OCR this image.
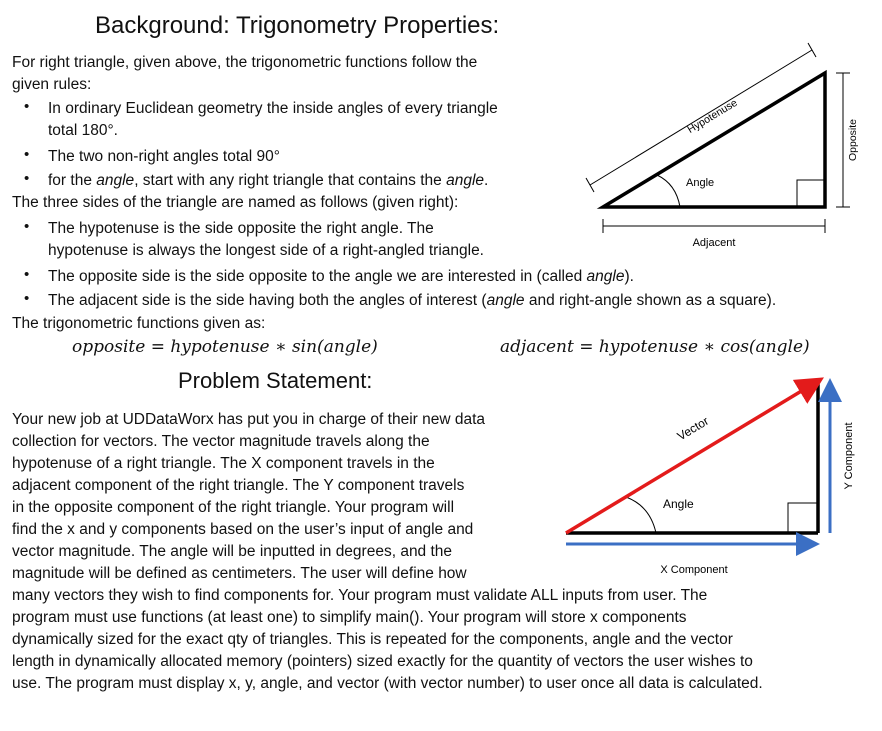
Background: Trigonometry Properties:
For right triangle, given above, the trigonometric functions follow the
given rules:
• In ordinary Euclidean geometry the inside angles of every triangle
total 180°.
• The two non-right angles total 90°
• for the angle, start with any right triangle that contains the angle.
The three sides of the triangle are named as follows (given right):
• The hypotenuse is the side opposite the right angle. The
hypotenuse is always the longest side of a right-angled triangle.
• The opposite side is the side opposite to the angle we are interested in (called angle).
• The adjacent side is the side having both the angles of interest (angle and right-angle shown as a square).
The trigonometric functions given as:
opposite = hypotenuse ∗ sin(angle)	adjacent = hypotenuse ∗ cos(angle)
Hypotenuse
Opposite
Angle
Adjacent
Problem Statement:
Your new job at UDDataWorx has put you in charge of their new data
collection for vectors. The vector magnitude travels along the
hypotenuse of a right triangle. The X component travels in the
adjacent component of the right triangle. The Y component travels
in the opposite component of the right triangle. Your program will
find the x and y components based on the user’s input of angle and
vector magnitude. The angle will be inputted in degrees, and the
magnitude will be defined as centimeters. The user will define how
many vectors they wish to find components for. Your program must validate ALL inputs from user. The
program must use functions (at least one) to simplify main(). Your program will store x components
dynamically sized for the exact qty of triangles. This is repeated for the components, angle and the vector
length in dynamically allocated memory (pointers) sized exactly for the quantity of vectors the user wishes to
use. The program must display x, y, angle, and vector (with vector number) to user once all data is calculated.
Vector
Angle
X Component
Y Component
